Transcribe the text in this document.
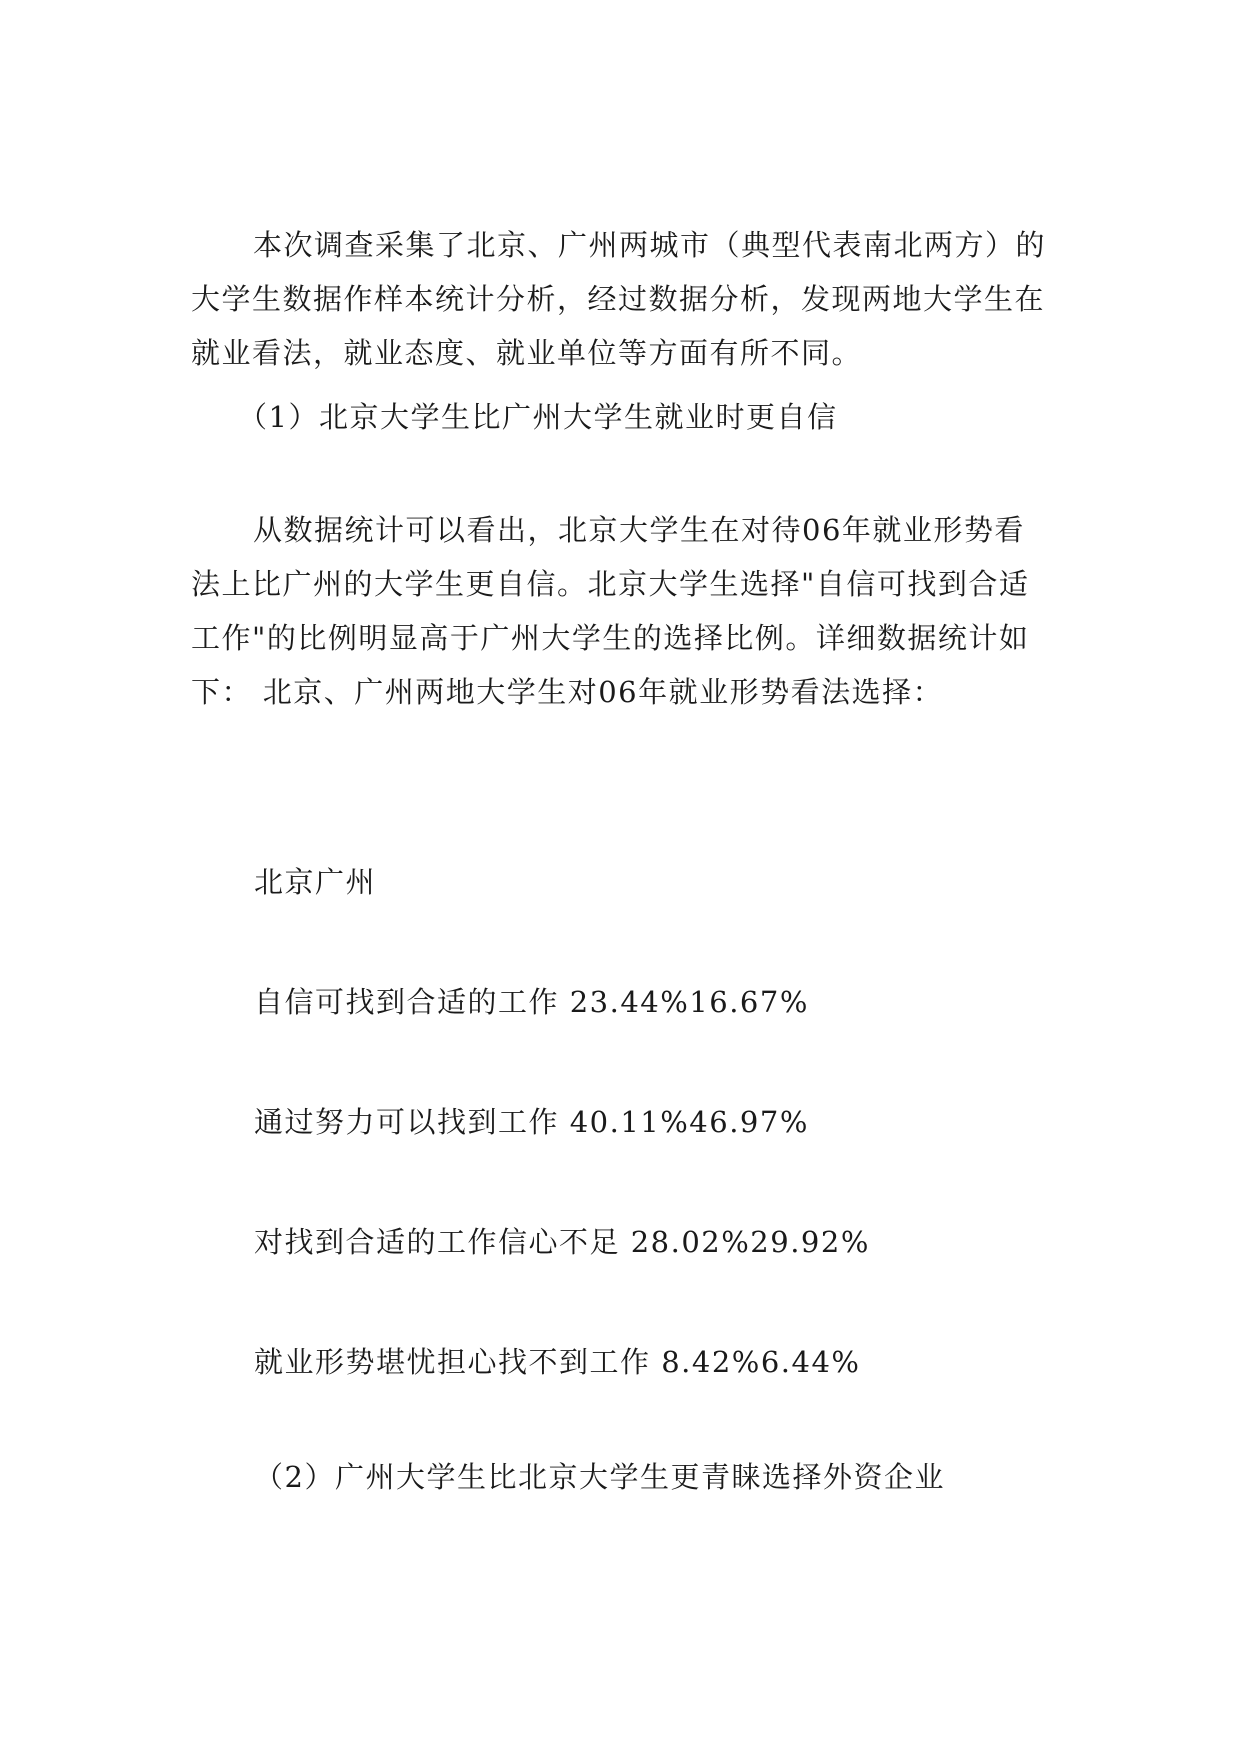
本次调查采集了北京、广州两城市（典型代表南北两方）的大学生数据作样本统计分析，经过数据分析，发现两地大学生在就业看法，就业态度、就业单位等方面有所不同。

（1）北京大学生比广州大学生就业时更自信

从数据统计可以看出，北京大学生在对待06年就业形势看法上比广州的大学生更自信。北京大学生选择"自信可找到合适工作"的比例明显高于广州大学生的选择比例。详细数据统计如下： 北京、广州两地大学生对06年就业形势看法选择：

北京广州

自信可找到合适的工作 23.44%16.67%

通过努力可以找到工作 40.11%46.97%

对找到合适的工作信心不足 28.02%29.92%

就业形势堪忧担心找不到工作 8.42%6.44%

（2）广州大学生比北京大学生更青睐选择外资企业
